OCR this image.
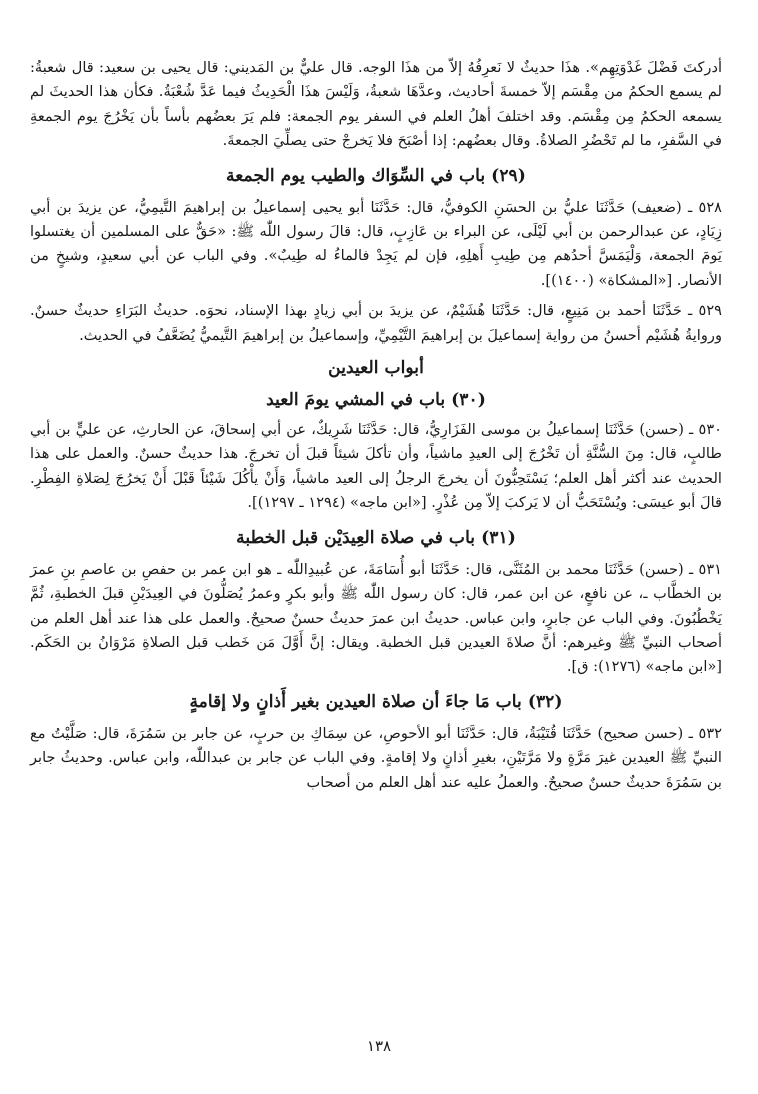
أدركتَ فَضْلَ غَدْوَتِهِم». هذَا حديثٌ لا نَعرِفُهُ إلاّ من هذَا الوجه. قال عليٌّ بن المَديني: قال يحيى بن سعيد: قال شعبةُ: لم يسمع الحكمُ من مِقْسَم إلاّ خمسةَ أحاديث، وعدَّهَا شعبةُ، وَلَيْسَ هذَا الْحَدِيثُ فيما عَدَّ شُعْبَةُ. فكأن هذا الحديثَ لم يسمعه الحكمُ مِن مِقْسَم. وقد اختلفَ أهلُ العلم في السفر يوم الجمعة: فلم يَرَ بعضُهم بأساً بأن يَخْرُجَ يوم الجمعةِ في السَّفرِ، ما لم تَحْضُرِ الصلاةُ. وقال بعضُهم: إذا أصْبَحَ فلا يَخرجْ حتى يصلِّيَ الجمعةَ.

(٢٩) باب في السِّوَاك والطيب يوم الجمعة

٥٢٨ ـ (ضعيف) حَدَّثَنَا عليُّ بن الحسَنِ الكوفيُّ، قال: حَدَّثَنَا أبو يحيى إسماعيلُ بن إبراهيمَ التَّيمِيُّ، عن يزيدَ بن أبي زِيَادٍ، عن عبدالرحمن بن أبي لَيْلَى، عن البراء بن عَازِبٍ، قال: قالَ رسول اللّٰه ﷺ: «حَقٌّ على المسلمين أن يغتسلوا يَومَ الجمعة، وَلْيَمَسَّ أحدُهم مِن طِيبِ أَهلِهِ، فإن لم يَجِدْ فالماءُ له طِيبٌ». وفي الباب عن أبي سعيدٍ، وشيخٍ من الأنصار. [«المشكاة» (١٤٠٠)].

٥٢٩ ـ حَدَّثَنَا أحمد بن مَنِيعٍ، قال: حَدَّثَنَا هُشَيْمٌ، عن يزيدَ بن أبي زيادٍ بهذا الإسناد، نحوَه. حديثُ البَرَاءِ حديثٌ حسنٌ. وروايةُ هُشَيْم أحسنُ من رواية إسماعيلَ بن إبراهيمَ التَّيْمِيِّ، وإسماعيلُ بن إبراهيمَ التَّيميُّ يُضَعَّفُ في الحديث.

أبواب العيدين
(٣٠) باب في المشي يومَ العيد

٥٣٠ ـ (حسن) حَدَّثَنَا إسماعيلُ بن موسى الفَزَارِيُّ، قال: حَدَّثَنَا شَرِيكٌ، عن أبي إسحاقَ، عن الحارثِ، عن عليٍّ بن أبي طالبٍ، قال: مِنَ السُّنَّةِ أن تَخْرُجَ إلى العيدِ ماشياً، وأن تأكلَ شيئاً قبلَ أن تخرجَ. هذا حديثٌ حسنٌ. والعمل على هذا الحديث عند أكثر أهل العلم؛ يَسْتَحِبُّونَ أن يخرجَ الرجلُ إلى العيد ماشياً، وَأَنْ يأْكُلَ شَيْئاً قَبْلَ أَنْ يَخرُجَ لِصَلاةِ الفِطْرِ. قالَ أبو عيسَى: ويُسْتَحَبُّ أن لا يَركبَ إلاّ مِن عُذْرٍ. [«ابن ماجه» (١٢٩٤ ـ ١٢٩٧)].

(٣١) باب في صلاة العِيدَيْن قبل الخطبة

٥٣١ ـ (حسن) حَدَّثَنَا محمد بن المُثَنَّى، قال: حَدَّثَنَا أبو أُسَامَةَ، عن عُبيدِاللّٰه ـ هو ابن عمر بن حفصِ بن عاصمِ بنِ عمرَ بن الخطَّاب ـ، عن نافعٍ، عن ابن عمر، قال: كان رسول اللّٰه ﷺ وأبو بكرٍ وعمرُ يُصَلُّونَ في العِيدَيْنِ قبلَ الخطبةِ، ثُمَّ يَخْطُبُونَ. وفي الباب عن جابرٍ، وابن عباس. حديثُ ابن عمرَ حديثٌ حسنٌ صحيحٌ. والعمل على هذا عند أهل العلم من أصحاب النبيِّ ﷺ وغيرهم: أنَّ صلاةَ العيدين قبل الخطبة. ويقال: إنَّ أَوَّلَ مَن خَطب قبل الصلاةِ مَرْوَانُ بن الحَكَم. [«ابن ماجه» (١٢٧٦): ق].

(٣٢) باب مَا جاءَ أن صلاة العيدين بغير أَذانٍ ولا إقامةٍ

٥٣٢ ـ (حسن صحيح) حَدَّثَنَا قُتَيْبَةُ، قال: حَدَّثَنَا أبو الأحوصِ، عن سِمَاكِ بن حربٍ، عن جابر بن سَمُرَةَ، قال: صَلَّيْتُ مع النبيِّ ﷺ العيدين غيرَ مَرَّةٍ ولا مَرَّتَيْنِ، بغيرِ أذانٍ ولا إقامةٍ. وفي الباب عن جابر بن عبداللّٰه، وابن عباس. وحديثُ جابر بن سَمُرَةَ حديثٌ حسنٌ صحيحٌ. والعملُ عليه عند أهل العلم من أصحاب

١٣٨
